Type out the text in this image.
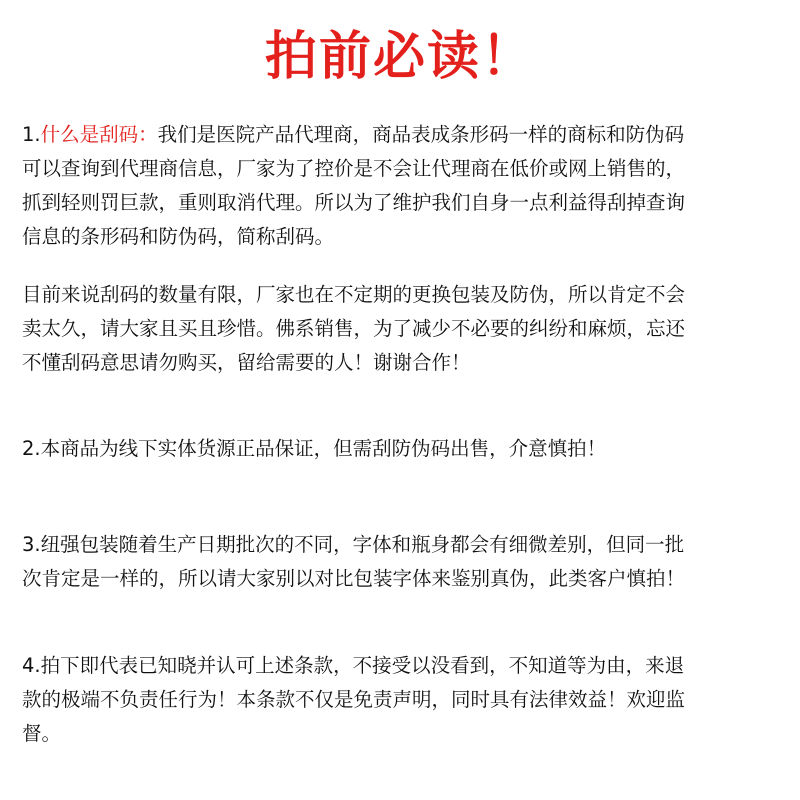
拍前必读！
1.什么是刮码：我们是医院产品代理商，商品表成条形码一样的商标和防伪码
可以查询到代理商信息，厂家为了控价是不会让代理商在低价或网上销售的，
抓到轻则罚巨款，重则取消代理。所以为了维护我们自身一点利益得刮掉查询
信息的条形码和防伪码，简称刮码。
目前来说刮码的数量有限，厂家也在不定期的更换包装及防伪，所以肯定不会
卖太久，请大家且买且珍惜。佛系销售，为了减少不必要的纠纷和麻烦，忘还
不懂刮码意思请勿购买，留给需要的人！谢谢合作！
2.本商品为线下实体货源正品保证，但需刮防伪码出售，介意慎拍！
3.纽强包装随着生产日期批次的不同，字体和瓶身都会有细微差别，但同一批
次肯定是一样的，所以请大家别以对比包装字体来鉴别真伪，此类客户慎拍！
4.拍下即代表已知晓并认可上述条款，不接受以没看到，不知道等为由，来退
款的极端不负责任行为！本条款不仅是免责声明，同时具有法律效益！欢迎监
督。
